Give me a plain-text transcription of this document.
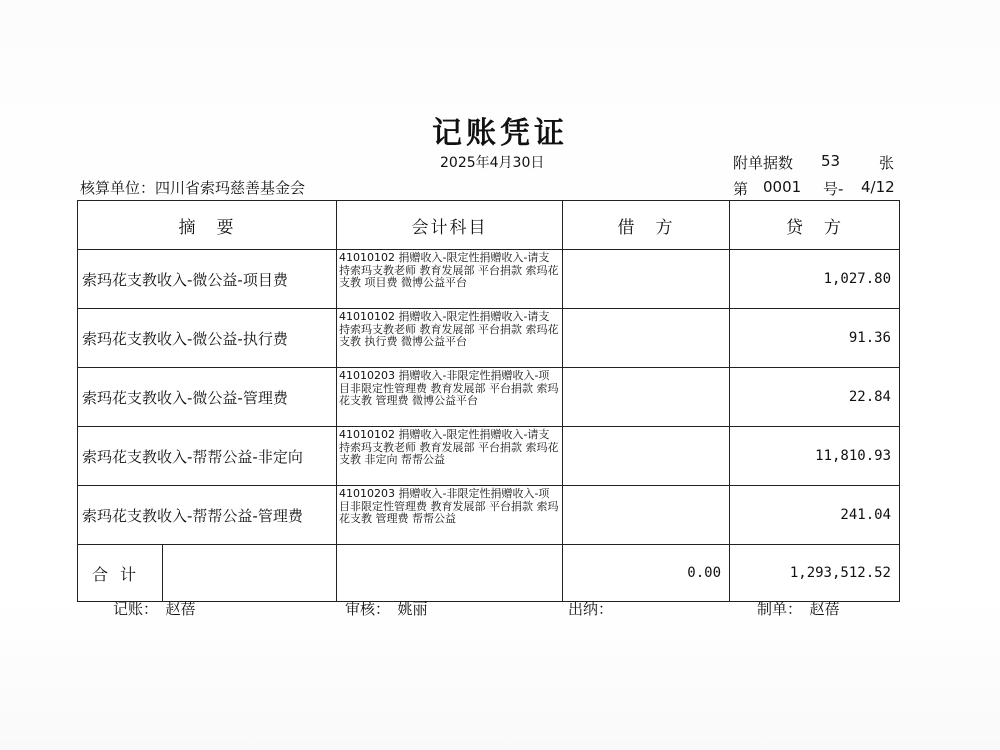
记账凭证
2025年4月30日
核算单位：四川省索玛慈善基金会
附单据数 53	张
第 0001 号- 4/12
摘　要	会计科目	借　方	贷　方
索玛花支教收入-微公益-项目费	41010102 捐赠收入-限定性捐赠收入-请支持索玛支教老师 教育发展部 平台捐款 索玛花支教 项目费 微博公益平台		1,027.80
索玛花支教收入-微公益-执行费	41010102 捐赠收入-限定性捐赠收入-请支持索玛支教老师 教育发展部 平台捐款 索玛花支教 执行费 微博公益平台		91.36
索玛花支教收入-微公益-管理费	41010203 捐赠收入-非限定性捐赠收入-项目非限定性管理费 教育发展部 平台捐款 索玛花支教 管理费 微博公益平台		22.84
索玛花支教收入-帮帮公益-非定向	41010102 捐赠收入-限定性捐赠收入-请支持索玛支教老师 教育发展部 平台捐款 索玛花支教 非定向 帮帮公益		11,810.93
索玛花支教收入-帮帮公益-管理费	41010203 捐赠收入-非限定性捐赠收入-项目非限定性管理费 教育发展部 平台捐款 索玛花支教 管理费 帮帮公益		241.04

合计		0.00	1,293,512.52
记账：　赵蓓	审核：　姚丽	出纳：	制单：　赵蓓
